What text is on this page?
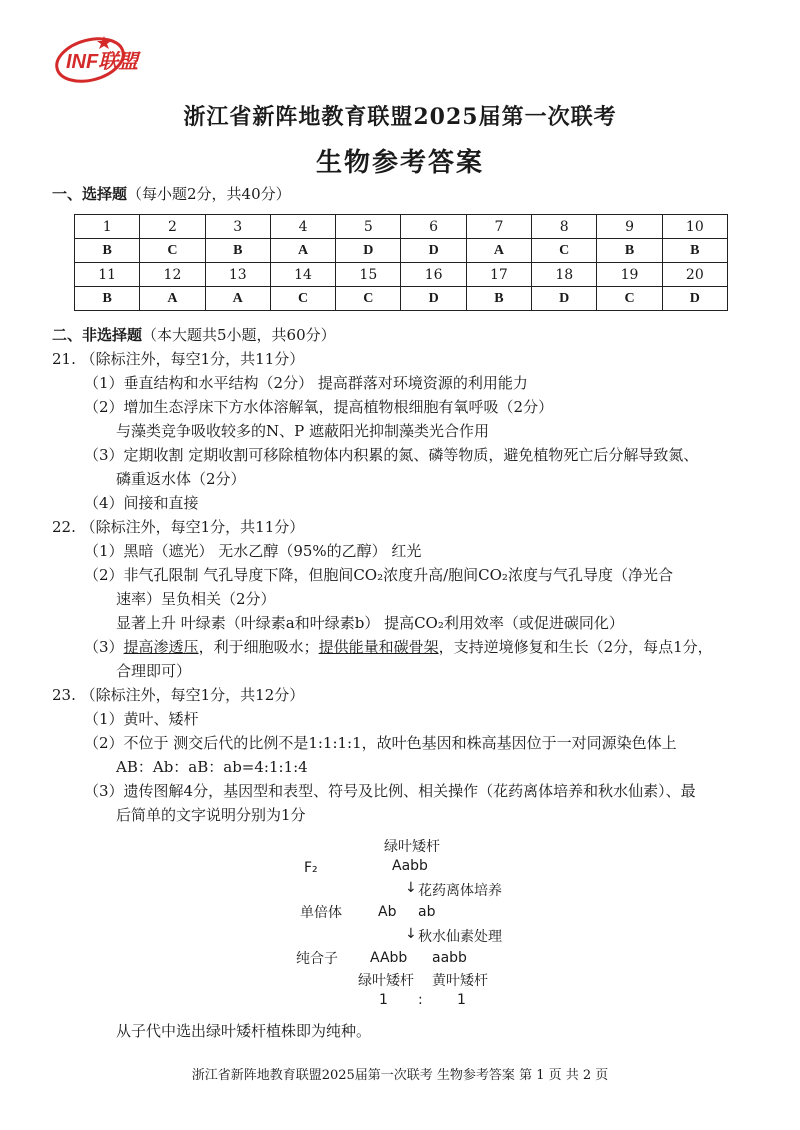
INF联盟
浙江省新阵地教育联盟2025届第一次联考
生物参考答案
一、选择题（每小题2分，共40分）
1	2	3	4	5	6	7	8	9	10
B	C	B	A	D	D	A	C	B	B
11	12	13	14	15	16	17	18	19	20
B	A	A	C	C	D	B	D	C	D
二、非选择题（本大题共5小题，共60分）
21. （除标注外，每空1分，共11分）
（1）垂直结构和水平结构（2分） 提高群落对环境资源的利用能力
（2）增加生态浮床下方水体溶解氧，提高植物根细胞有氧呼吸（2分）
与藻类竞争吸收较多的N、P 遮蔽阳光抑制藻类光合作用
（3）定期收割 定期收割可移除植物体内积累的氮、磷等物质，避免植物死亡后分解导致氮、
磷重返水体（2分）
（4）间接和直接
22. （除标注外，每空1分，共11分）
（1）黑暗（遮光） 无水乙醇（95%的乙醇） 红光
（2）非气孔限制 气孔导度下降，但胞间CO₂浓度升高/胞间CO₂浓度与气孔导度（净光合
速率）呈负相关（2分）
显著上升 叶绿素（叶绿素a和叶绿素b） 提高CO₂利用效率（或促进碳同化）
（3）提高渗透压，利于细胞吸水；提供能量和碳骨架，支持逆境修复和生长（2分，每点1分，
合理即可）
23. （除标注外，每空1分，共12分）
（1）黄叶、矮杆
（2）不位于 测交后代的比例不是1:1:1:1，故叶色基因和株高基因位于一对同源染色体上
AB：Ab：aB：ab=4:1:1:4
（3）遗传图解4分，基因型和表型、符号及比例、相关操作（花药离体培养和秋水仙素）、最
后简单的文字说明分别为1分
绿叶矮杆
F₂	Aabb
↓ 花药离体培养
单倍体	Ab ab
↓ 秋水仙素处理
纯合子 AAbb aabb
绿叶矮杆 黄叶矮杆
1 : 1
从子代中选出绿叶矮杆植株即为纯种。
浙江省新阵地教育联盟2025届第一次联考 生物参考答案 第 1 页 共 2 页
